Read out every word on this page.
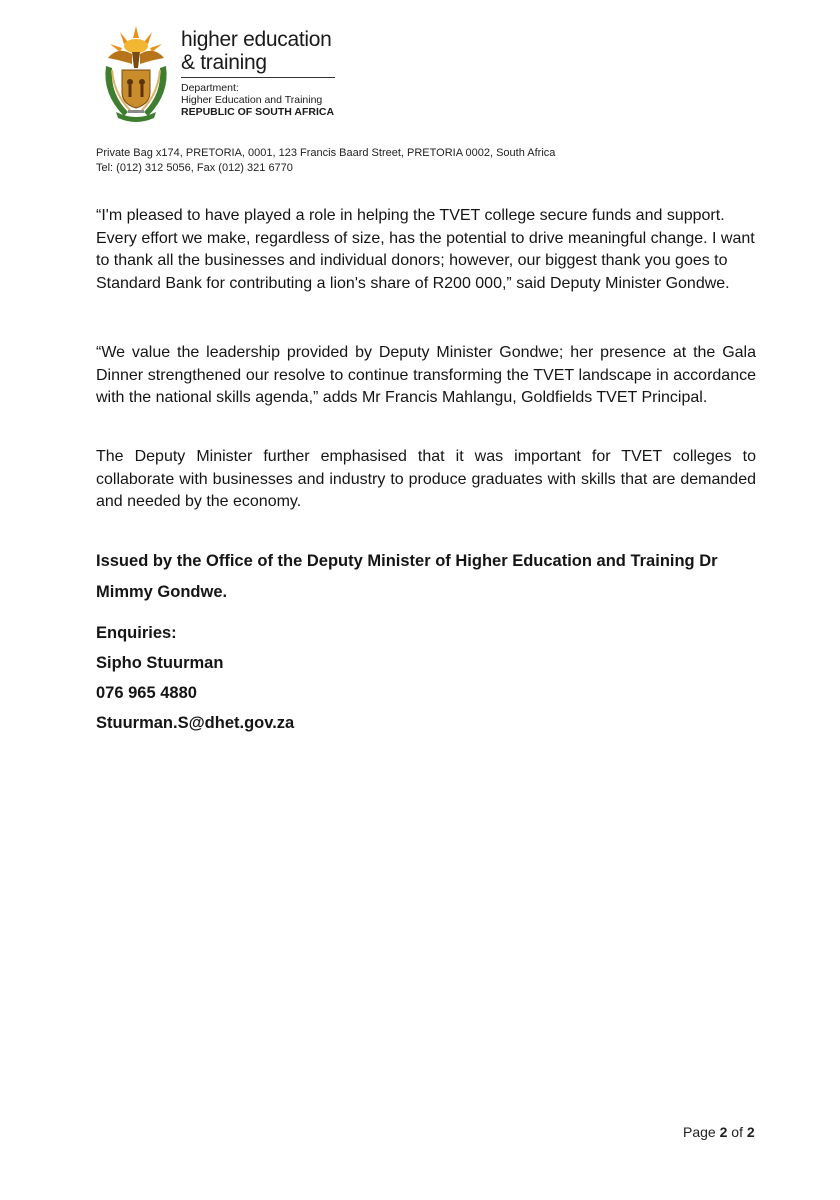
higher education
& training
Department:
Higher Education and Training
REPUBLIC OF SOUTH AFRICA
Private Bag x174, PRETORIA, 0001, 123 Francis Baard Street, PRETORIA 0002, South Africa
Tel: (012) 312 5056, Fax (012) 321 6770

“I'm pleased to have played a role in helping the TVET college secure funds and support. Every effort we make, regardless of size, has the potential to drive meaningful change. I want to thank all the businesses and individual donors; however, our biggest thank you goes to Standard Bank for contributing a lion's share of R200 000,” said Deputy Minister Gondwe.

“We value the leadership provided by Deputy Minister Gondwe; her presence at the Gala Dinner strengthened our resolve to continue transforming the TVET landscape in accordance with the national skills agenda,” adds Mr Francis Mahlangu, Goldfields TVET Principal.

The Deputy Minister further emphasised that it was important for TVET colleges to collaborate with businesses and industry to produce graduates with skills that are demanded and needed by the economy.

Issued by the Office of the Deputy Minister of Higher Education and Training Dr Mimmy Gondwe.

Enquiries:
Sipho Stuurman
076 965 4880
Stuurman.S@dhet.gov.za
Page 2 of 2
